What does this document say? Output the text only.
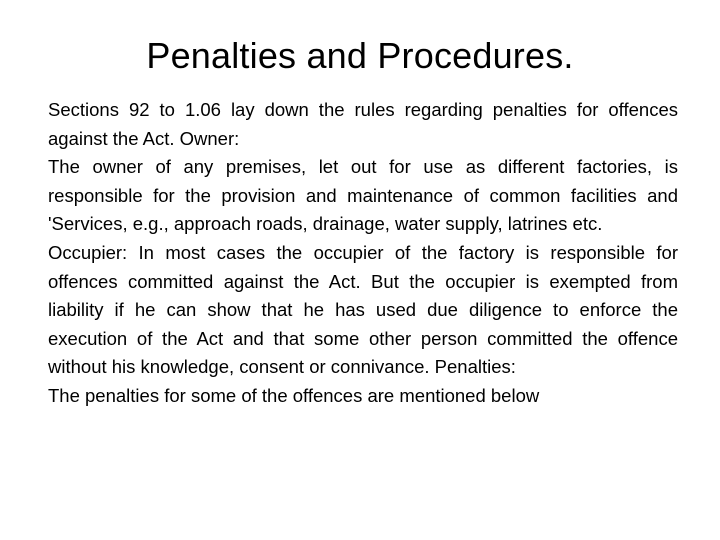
Penalties and Procedures.

Sections 92 to 1.06 lay down the rules regarding penalties for offences against the Act. Owner:

The owner of any premises, let out for use as different factories, is responsible for the provision and maintenance of common facilities and 'Services, e.g., approach roads, drainage, water supply, latrines etc.

Occupier: In most cases the occupier of the factory is responsible for offences committed against the Act. But the occupier is exempted from liability if he can show that he has used due diligence to enforce the execution of the Act and that some other person committed the offence without his knowledge, consent or connivance. Penalties:

The penalties for some of the offences are mentioned below
